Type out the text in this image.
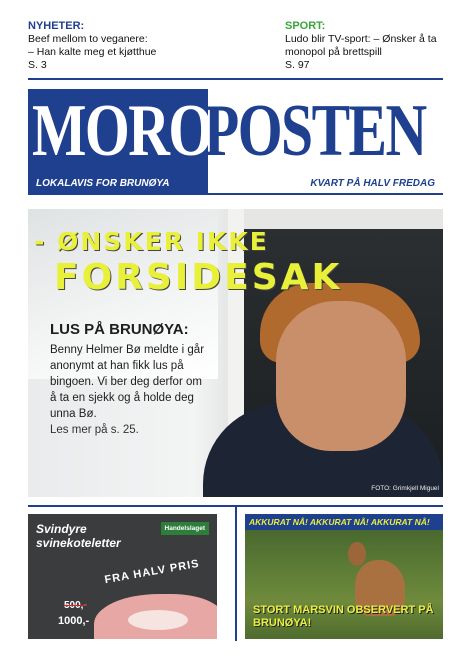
NYHETER:
Beef mellom to veganere:
– Han kalte meg et kjøtthue
S. 3
SPORT:
Ludo blir TV-sport: – Ønsker å ta monopol på brettspill
S. 97
MORO
POSTEN
LOKALAVIS FOR BRUNØYA	KVART PÅ HALV FREDAG
- ØNSKER IKKE
FORSIDESAK
LUS PÅ BRUNØYA:
Benny Helmer Bø meldte i går anonymt at han fikk lus på bingoen. Vi ber deg derfor om å ta en sjekk og å holde deg unna Bø.
Les mer på s. 25.
FOTO: Grimkjell Miguel
Svindyre svinekoteletter
Handelslaget
FRA HALV PRIS
500,-
1000,-
AKKURAT NÅ! AKKURAT NÅ! AKKURAT NÅ!
STORT MARSVIN OBSERVERT PÅ BRUNØYA!
